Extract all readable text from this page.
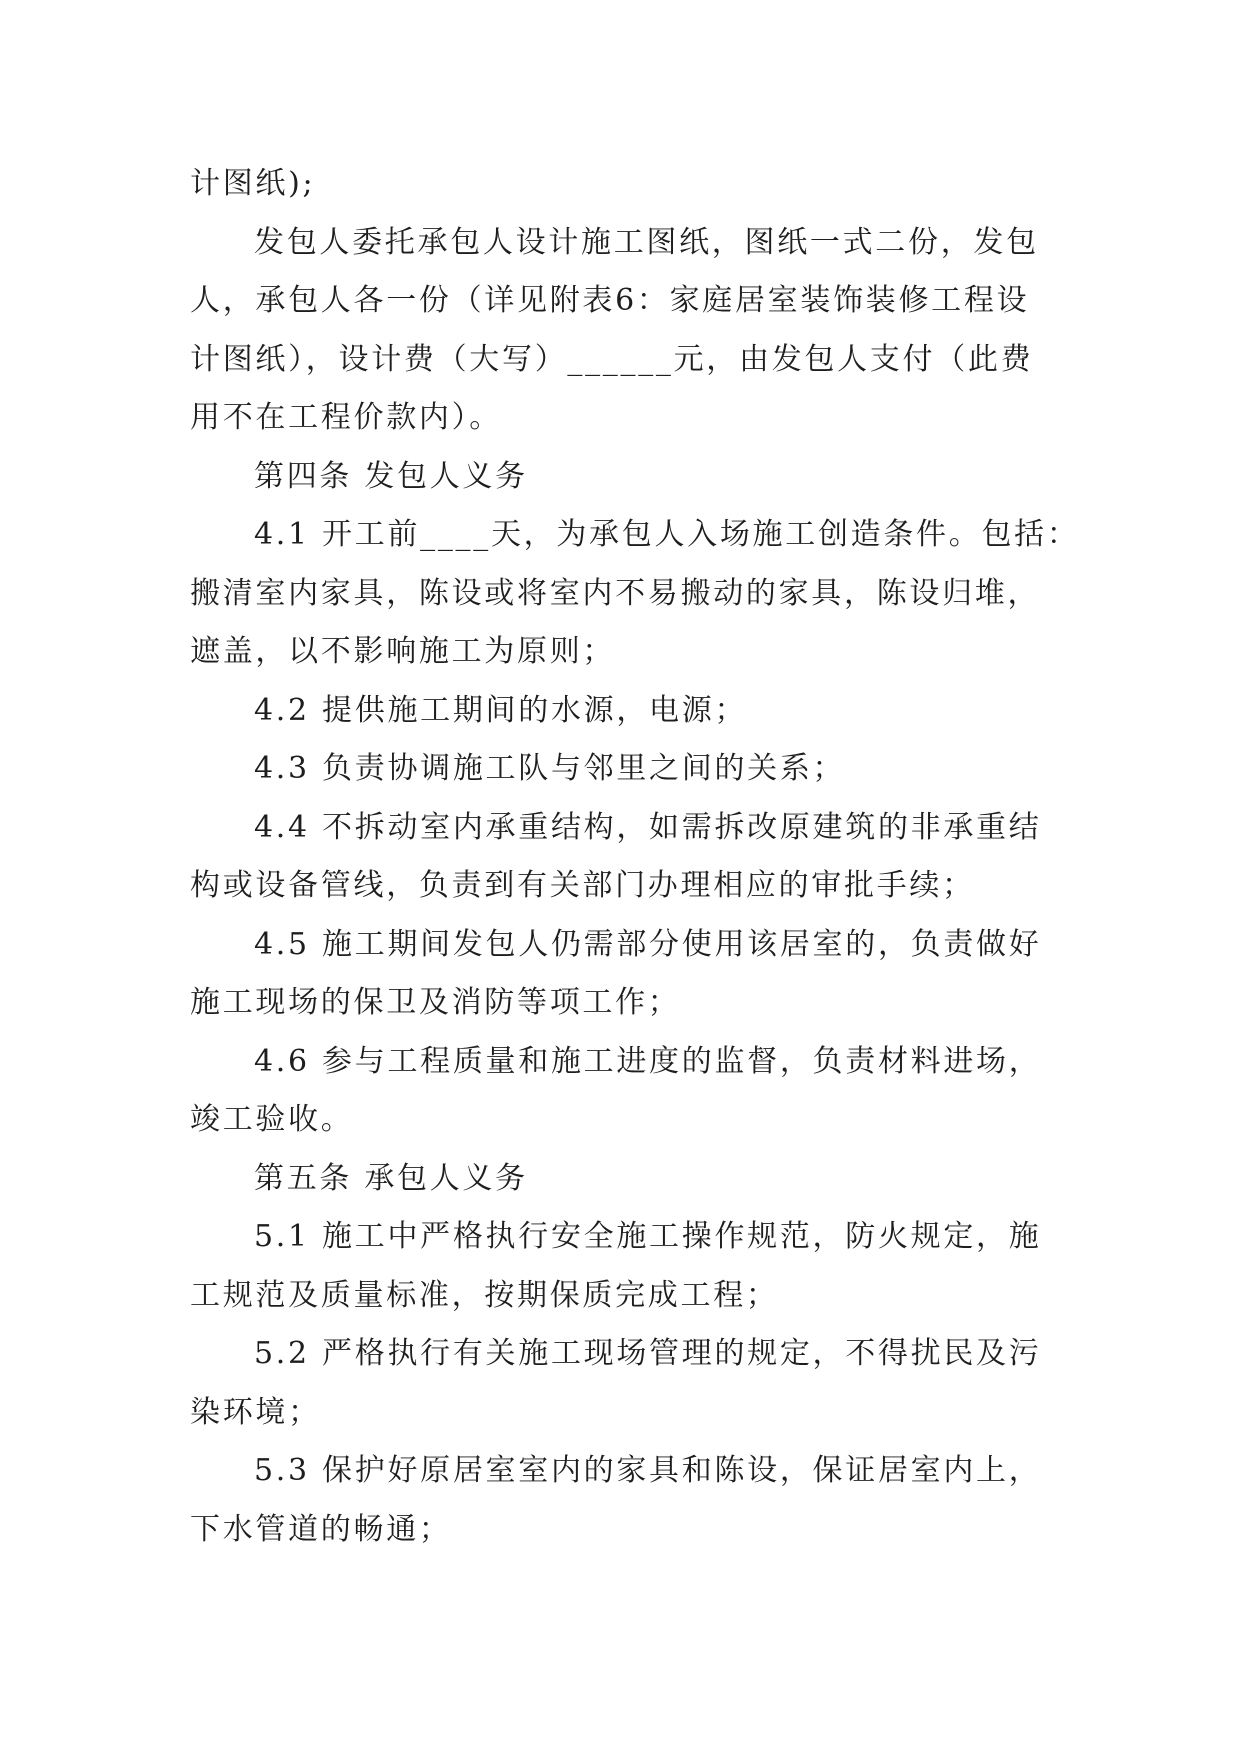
计图纸);
发包人委托承包人设计施工图纸，图纸一式二份，发包
人，承包人各一份（详见附表6：家庭居室装饰装修工程设
计图纸），设计费（大写）______元，由发包人支付（此费
用不在工程价款内）。
第四条 发包人义务
4.1 开工前____天，为承包人入场施工创造条件。包括：
搬清室内家具，陈设或将室内不易搬动的家具，陈设归堆，
遮盖，以不影响施工为原则；
4.2 提供施工期间的水源，电源；
4.3 负责协调施工队与邻里之间的关系；
4.4 不拆动室内承重结构，如需拆改原建筑的非承重结
构或设备管线，负责到有关部门办理相应的审批手续；
4.5 施工期间发包人仍需部分使用该居室的，负责做好
施工现场的保卫及消防等项工作；
4.6 参与工程质量和施工进度的监督，负责材料进场，
竣工验收。
第五条 承包人义务
5.1 施工中严格执行安全施工操作规范，防火规定，施
工规范及质量标准，按期保质完成工程；
5.2 严格执行有关施工现场管理的规定，不得扰民及污
染环境；
5.3 保护好原居室室内的家具和陈设，保证居室内上，
下水管道的畅通；
